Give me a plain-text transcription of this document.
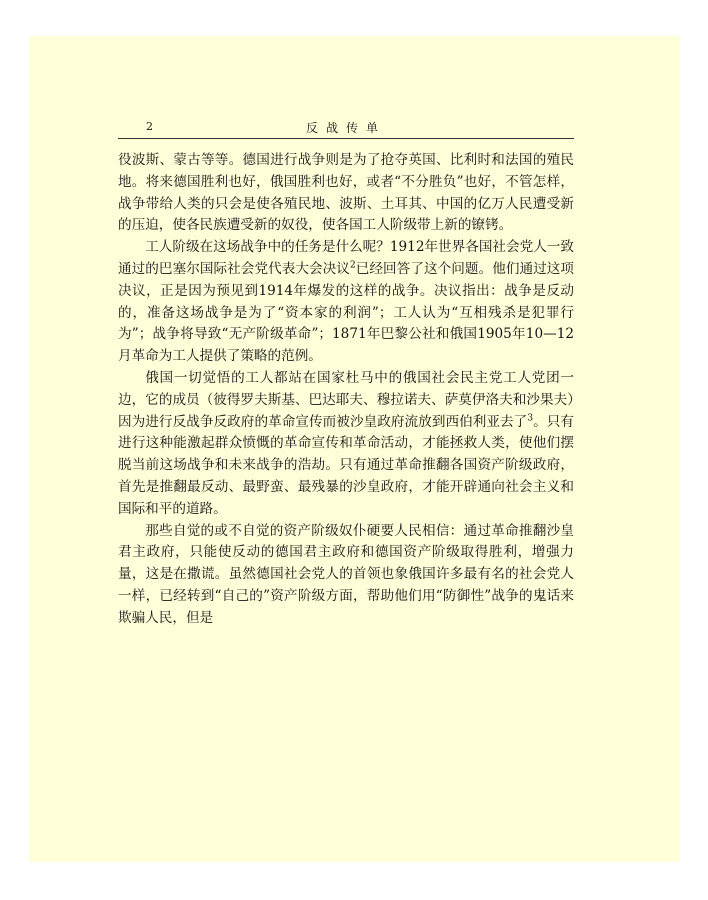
2	反战传单

役波斯、蒙古等等。德国进行战争则是为了抢夺英国、比利时和法国的殖民地。将来德国胜利也好，俄国胜利也好，或者“不分胜负”也好，不管怎样，战争带给人类的只会是使各殖民地、波斯、土耳其、中国的亿万人民遭受新的压迫，使各民族遭受新的奴役，使各国工人阶级带上新的镣铐。

工人阶级在这场战争中的任务是什么呢？1912年世界各国社会党人一致通过的巴塞尔国际社会党代表大会决议$^2$已经回答了这个问题。他们通过这项决议，正是因为预见到1914年爆发的这样的战争。决议指出：战争是反动的，准备这场战争是为了“资本家的利润”；工人认为“互相残杀是犯罪行为”；战争将导致“无产阶级革命”；1871年巴黎公社和俄国1905年10—12月革命为工人提供了策略的范例。

俄国一切觉悟的工人都站在国家杜马中的俄国社会民主党工人党团一边，它的成员（彼得罗夫斯基、巴达耶夫、穆拉诺夫、萨莫伊洛夫和沙果夫）因为进行反战争反政府的革命宣传而被沙皇政府流放到西伯利亚去了$^3$。只有进行这种能激起群众愤慨的革命宣传和革命活动，才能拯救人类，使他们摆脱当前这场战争和未来战争的浩劫。只有通过革命推翻各国资产阶级政府，首先是推翻最反动、最野蛮、最残暴的沙皇政府，才能开辟通向社会主义和国际和平的道路。

那些自觉的或不自觉的资产阶级奴仆硬要人民相信：通过革命推翻沙皇君主政府，只能使反动的德国君主政府和德国资产阶级取得胜利，增强力量，这是在撒谎。虽然德国社会党人的首领也象俄国许多最有名的社会党人一样，已经转到“自己的”资产阶级方面，帮助他们用“防御性”战争的鬼话来欺骗人民，但是
